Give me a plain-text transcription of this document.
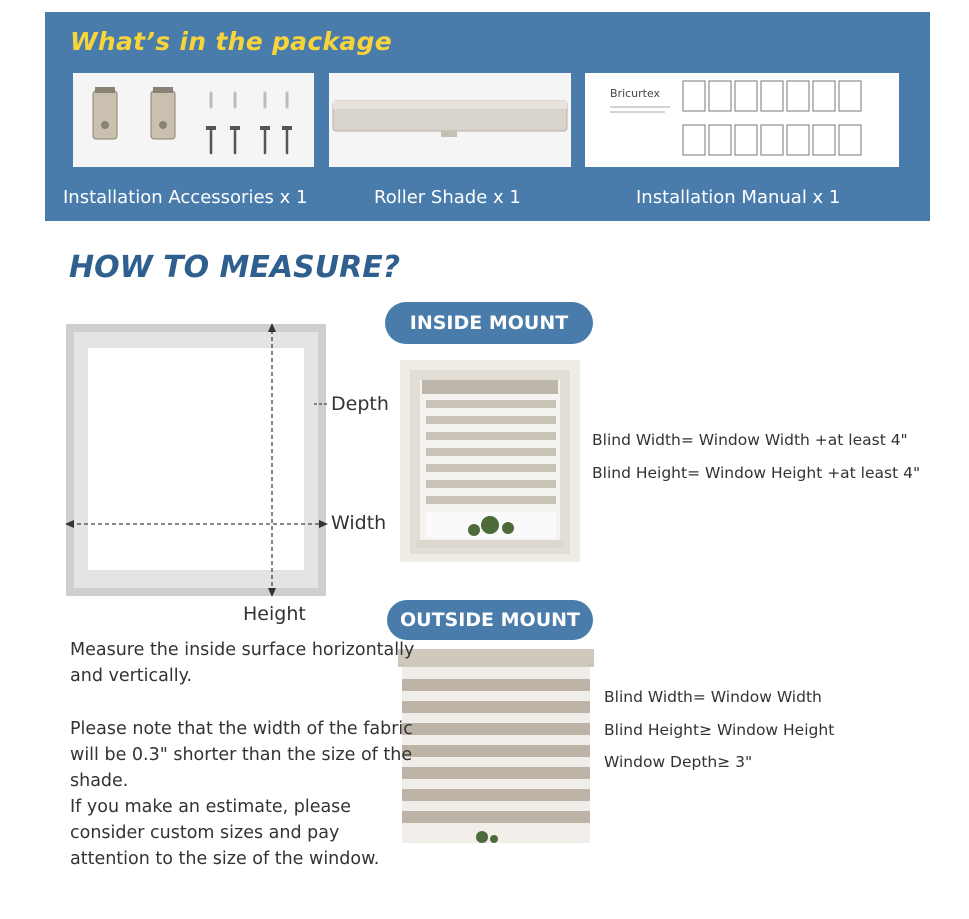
What’s in the package
Bricurtex
Installation Accessories x 1	Roller Shade x 1	Installation Manual x 1
HOW TO MEASURE?
Depth
Width
Height
INSIDE MOUNT
Blind Width= Window Width +at least 4"
Blind Height= Window Height +at least 4"
OUTSIDE MOUNT
Blind Width= Window Width
Blind Height≥ Window Height
Window Depth≥ 3"
Measure the inside surface horizontally and vertically.
Please note that the width of the fabric will be 0.3" shorter than the size of the shade.
If you make an estimate, please consider custom sizes and pay attention to the size of the window.
